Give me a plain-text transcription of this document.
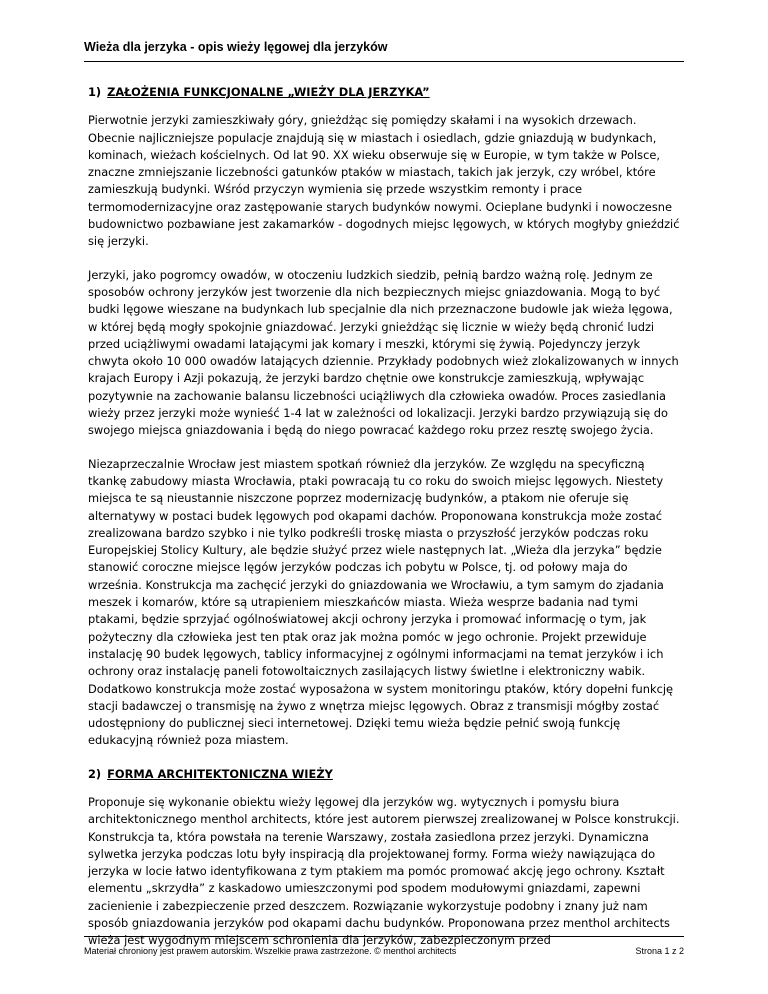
Wieża dla jerzyka - opis wieży lęgowej dla jerzyków
1) ZAŁOŻENIA FUNKCJONALNE „WIEŻY DLA JERZYKA”

Pierwotnie jerzyki zamieszkiwały góry, gnieżdżąc się pomiędzy skałami i na wysokich drzewach. Obecnie najliczniejsze populacje znajdują się w miastach i osiedlach, gdzie gniazdują w budynkach, kominach, wieżach kościelnych. Od lat 90. XX wieku obserwuje się w Europie, w tym także w Polsce, znaczne zmniejszanie liczebności gatunków ptaków w miastach, takich jak jerzyk, czy wróbel, które zamieszkują budynki. Wśród przyczyn wymienia się przede wszystkim remonty i prace termomodernizacyjne oraz zastępowanie starych budynków nowymi. Ocieplane budynki i nowoczesne budownictwo pozbawiane jest zakamarków - dogodnych miejsc lęgowych, w których mogłyby gnieździć się jerzyki.

Jerzyki, jako pogromcy owadów, w otoczeniu ludzkich siedzib, pełnią bardzo ważną rolę. Jednym ze sposobów ochrony jerzyków jest tworzenie dla nich bezpiecznych miejsc gniazdowania. Mogą to być budki lęgowe wieszane na budynkach lub specjalnie dla nich przeznaczone budowle jak wieża lęgowa, w której będą mogły spokojnie gniazdować. Jerzyki gnieżdżąc się licznie w wieży będą chronić ludzi przed uciążliwymi owadami latającymi jak komary i meszki, którymi się żywią. Pojedynczy jerzyk chwyta około 10 000 owadów latających dziennie. Przykłady podobnych wież zlokalizowanych w innych krajach Europy i Azji pokazują, że jerzyki bardzo chętnie owe konstrukcje zamieszkują, wpływając pozytywnie na zachowanie balansu liczebności uciążliwych dla człowieka owadów. Proces zasiedlania wieży przez jerzyki może wynieść 1-4 lat w zależności od lokalizacji. Jerzyki bardzo przywiązują się do swojego miejsca gniazdowania i będą do niego powracać każdego roku przez resztę swojego życia.

Niezaprzeczalnie Wrocław jest miastem spotkań również dla jerzyków. Ze względu na specyficzną tkankę zabudowy miasta Wrocławia, ptaki powracają tu co roku do swoich miejsc lęgowych. Niestety miejsca te są nieustannie niszczone poprzez modernizację budynków, a ptakom nie oferuje się alternatywy w postaci budek lęgowych pod okapami dachów. Proponowana konstrukcja może zostać zrealizowana bardzo szybko i nie tylko podkreśli troskę miasta o przyszłość jerzyków podczas roku Europejskiej Stolicy Kultury, ale będzie służyć przez wiele następnych lat. „Wieża dla jerzyka” będzie stanowić coroczne miejsce lęgów jerzyków podczas ich pobytu w Polsce, tj. od połowy maja do września. Konstrukcja ma zachęcić jerzyki do gniazdowania we Wrocławiu, a tym samym do zjadania meszek i komarów, które są utrapieniem mieszkańców miasta. Wieża wesprze badania nad tymi ptakami, będzie sprzyjać ogólnoświatowej akcji ochrony jerzyka i promować informację o tym, jak pożyteczny dla człowieka jest ten ptak oraz jak można pomóc w jego ochronie. Projekt przewiduje instalację 90 budek lęgowych, tablicy informacyjnej z ogólnymi informacjami na temat jerzyków i ich ochrony oraz instalację paneli fotowoltaicznych zasilających listwy świetlne i elektroniczny wabik. Dodatkowo konstrukcja może zostać wyposażona w system monitoringu ptaków, który dopełni funkcję stacji badawczej o transmisję na żywo z wnętrza miejsc lęgowych. Obraz z transmisji mógłby zostać udostępniony do publicznej sieci internetowej. Dzięki temu wieża będzie pełnić swoją funkcję edukacyjną również poza miastem.

2) FORMA ARCHITEKTONICZNA WIEŻY

Proponuje się wykonanie obiektu wieży lęgowej dla jerzyków wg. wytycznych i pomysłu biura architektonicznego menthol architects, które jest autorem pierwszej zrealizowanej w Polsce konstrukcji. Konstrukcja ta, która powstała na terenie Warszawy, została zasiedlona przez jerzyki. Dynamiczna sylwetka jerzyka podczas lotu były inspiracją dla projektowanej formy. Forma wieży nawiązująca do jerzyka w locie łatwo identyfikowana z tym ptakiem ma pomóc promować akcję jego ochrony. Kształt elementu „skrzydła” z kaskadowo umieszczonymi pod spodem modułowymi gniazdami, zapewni zacienienie i zabezpieczenie przed deszczem. Rozwiązanie wykorzystuje podobny i znany już nam sposób gniazdowania jerzyków pod okapami dachu budynków. Proponowana przez menthol architects wieża jest wygodnym miejscem schronienia dla jerzyków, zabezpieczonym przed

Materiał chroniony jest prawem autorskim. Wszelkie prawa zastrzeżone. © menthol architects	Strona 1 z 2
